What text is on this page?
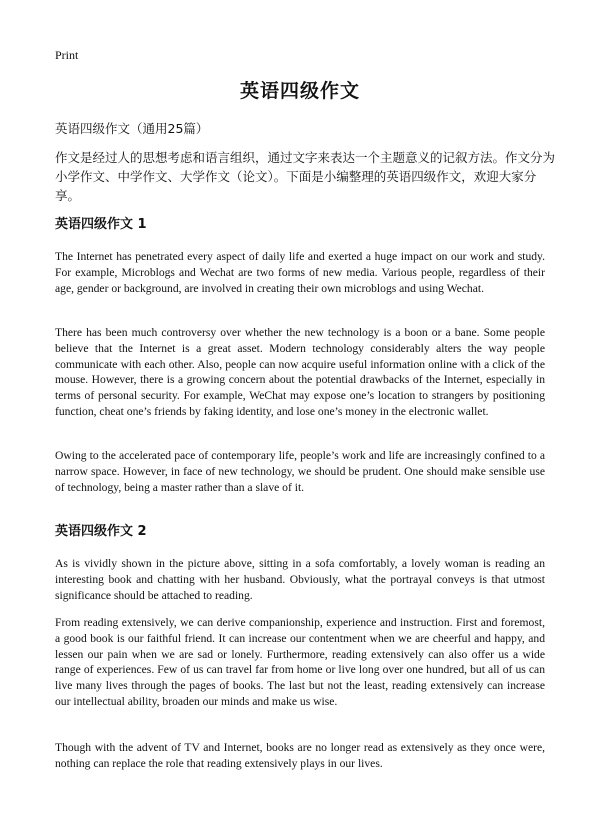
Print
英语四级作文
英语四级作文（通用25篇）
作文是经过人的思想考虑和语言组织，通过文字来表达一个主题意义的记叙方法。作文分为小学作文、中学作文、大学作文（论文）。下面是小编整理的英语四级作文，欢迎大家分享。
英语四级作文 1
The Internet has penetrated every aspect of daily life and exerted a huge impact on our work and study. For example, Microblogs and Wechat are two forms of new media. Various people, regardless of their age, gender or background, are involved in creating their own microblogs and using Wechat.
There has been much controversy over whether the new technology is a boon or a bane. Some people believe that the Internet is a great asset. Modern technology considerably alters the way people communicate with each other. Also, people can now acquire useful information online with a click of the mouse. However, there is a growing concern about the potential drawbacks of the Internet, especially in terms of personal security. For example, WeChat may expose one’s location to strangers by positioning function, cheat one’s friends by faking identity, and lose one’s money in the electronic wallet.
Owing to the accelerated pace of contemporary life, people’s work and life are increasingly confined to a narrow space. However, in face of new technology, we should be prudent. One should make sensible use of technology, being a master rather than a slave of it.
英语四级作文 2
As is vividly shown in the picture above, sitting in a sofa comfortably, a lovely woman is reading an interesting book and chatting with her husband. Obviously, what the portrayal conveys is that utmost significance should be attached to reading.
From reading extensively, we can derive companionship, experience and instruction. First and foremost, a good book is our faithful friend. It can increase our contentment when we are cheerful and happy, and lessen our pain when we are sad or lonely. Furthermore, reading extensively can also offer us a wide range of experiences. Few of us can travel far from home or live long over one hundred, but all of us can live many lives through the pages of books. The last but not the least, reading extensively can increase our intellectual ability, broaden our minds and make us wise.
Though with the advent of TV and Internet, books are no longer read as extensively as they once were, nothing can replace the role that reading extensively plays in our lives.
